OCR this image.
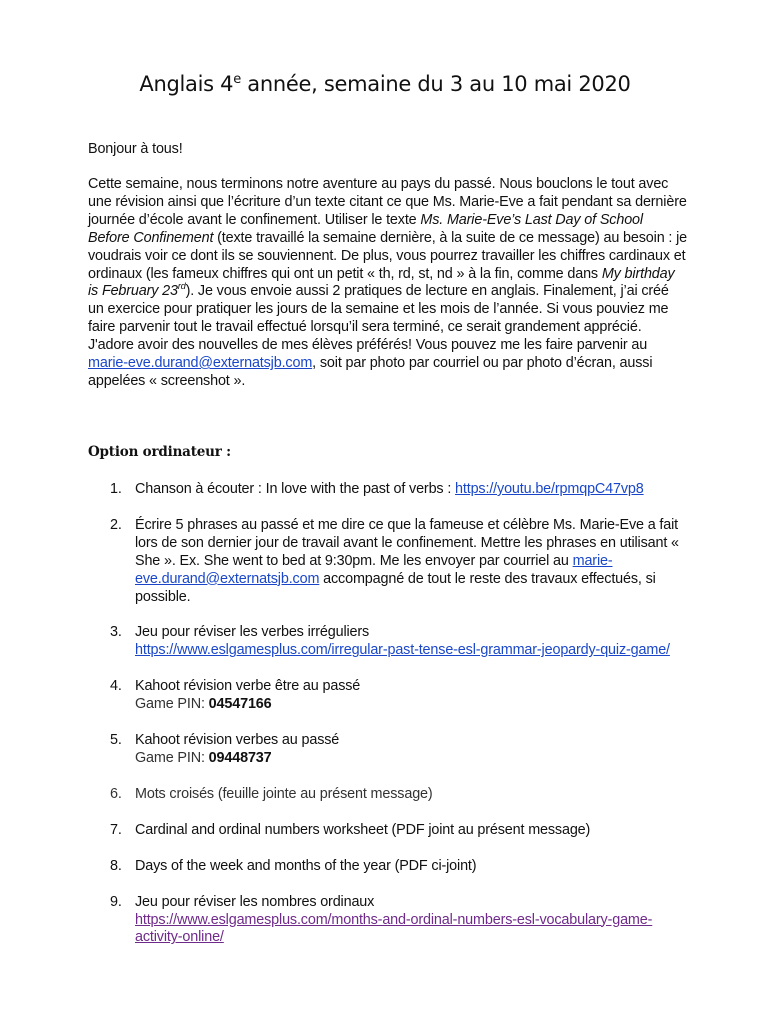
Anglais 4e année, semaine du 3 au 10 mai 2020

Bonjour à tous!

Cette semaine, nous terminons notre aventure au pays du passé. Nous bouclons le tout avec une révision ainsi que l’écriture d’un texte citant ce que Ms. Marie-Eve a fait pendant sa dernière journée d’école avant le confinement. Utiliser le texte Ms. Marie-Eve’s Last Day of School Before Confinement (texte travaillé la semaine dernière, à la suite de ce message) au besoin : je voudrais voir ce dont ils se souviennent. De plus, vous pourrez travailler les chiffres cardinaux et ordinaux (les fameux chiffres qui ont un petit « th, rd, st, nd » à la fin, comme dans My birthday is February 23rd). Je vous envoie aussi 2 pratiques de lecture en anglais. Finalement, j’ai créé un exercice pour pratiquer les jours de la semaine et les mois de l’année. Si vous pouviez me faire parvenir tout le travail effectué lorsqu’il sera terminé, ce serait grandement apprécié. J'adore avoir des nouvelles de mes élèves préférés! Vous pouvez me les faire parvenir au marie-eve.durand@externatsjb.com, soit par photo par courriel ou par photo d’écran, aussi appelées « screenshot ».

Option ordinateur :
1. Chanson à écouter : In love with the past of verbs : https://youtu.be/rpmqpC47vp8
2. Écrire 5 phrases au passé et me dire ce que la fameuse et célèbre Ms. Marie-Eve a fait lors de son dernier jour de travail avant le confinement. Mettre les phrases en utilisant « She ». Ex. She went to bed at 9:30pm. Me les envoyer par courriel au marie-eve.durand@externatsjb.com accompagné de tout le reste des travaux effectués, si possible.
3. Jeu pour réviser les verbes irréguliers
https://www.eslgamesplus.com/irregular-past-tense-esl-grammar-jeopardy-quiz-game/
4. Kahoot révision verbe être au passé
Game PIN: 04547166
5. Kahoot révision verbes au passé
Game PIN: 09448737
6. Mots croisés (feuille jointe au présent message)
7. Cardinal and ordinal numbers worksheet (PDF joint au présent message)
8. Days of the week and months of the year (PDF ci-joint)
9. Jeu pour réviser les nombres ordinaux
https://www.eslgamesplus.com/months-and-ordinal-numbers-esl-vocabulary-game-activity-online/
